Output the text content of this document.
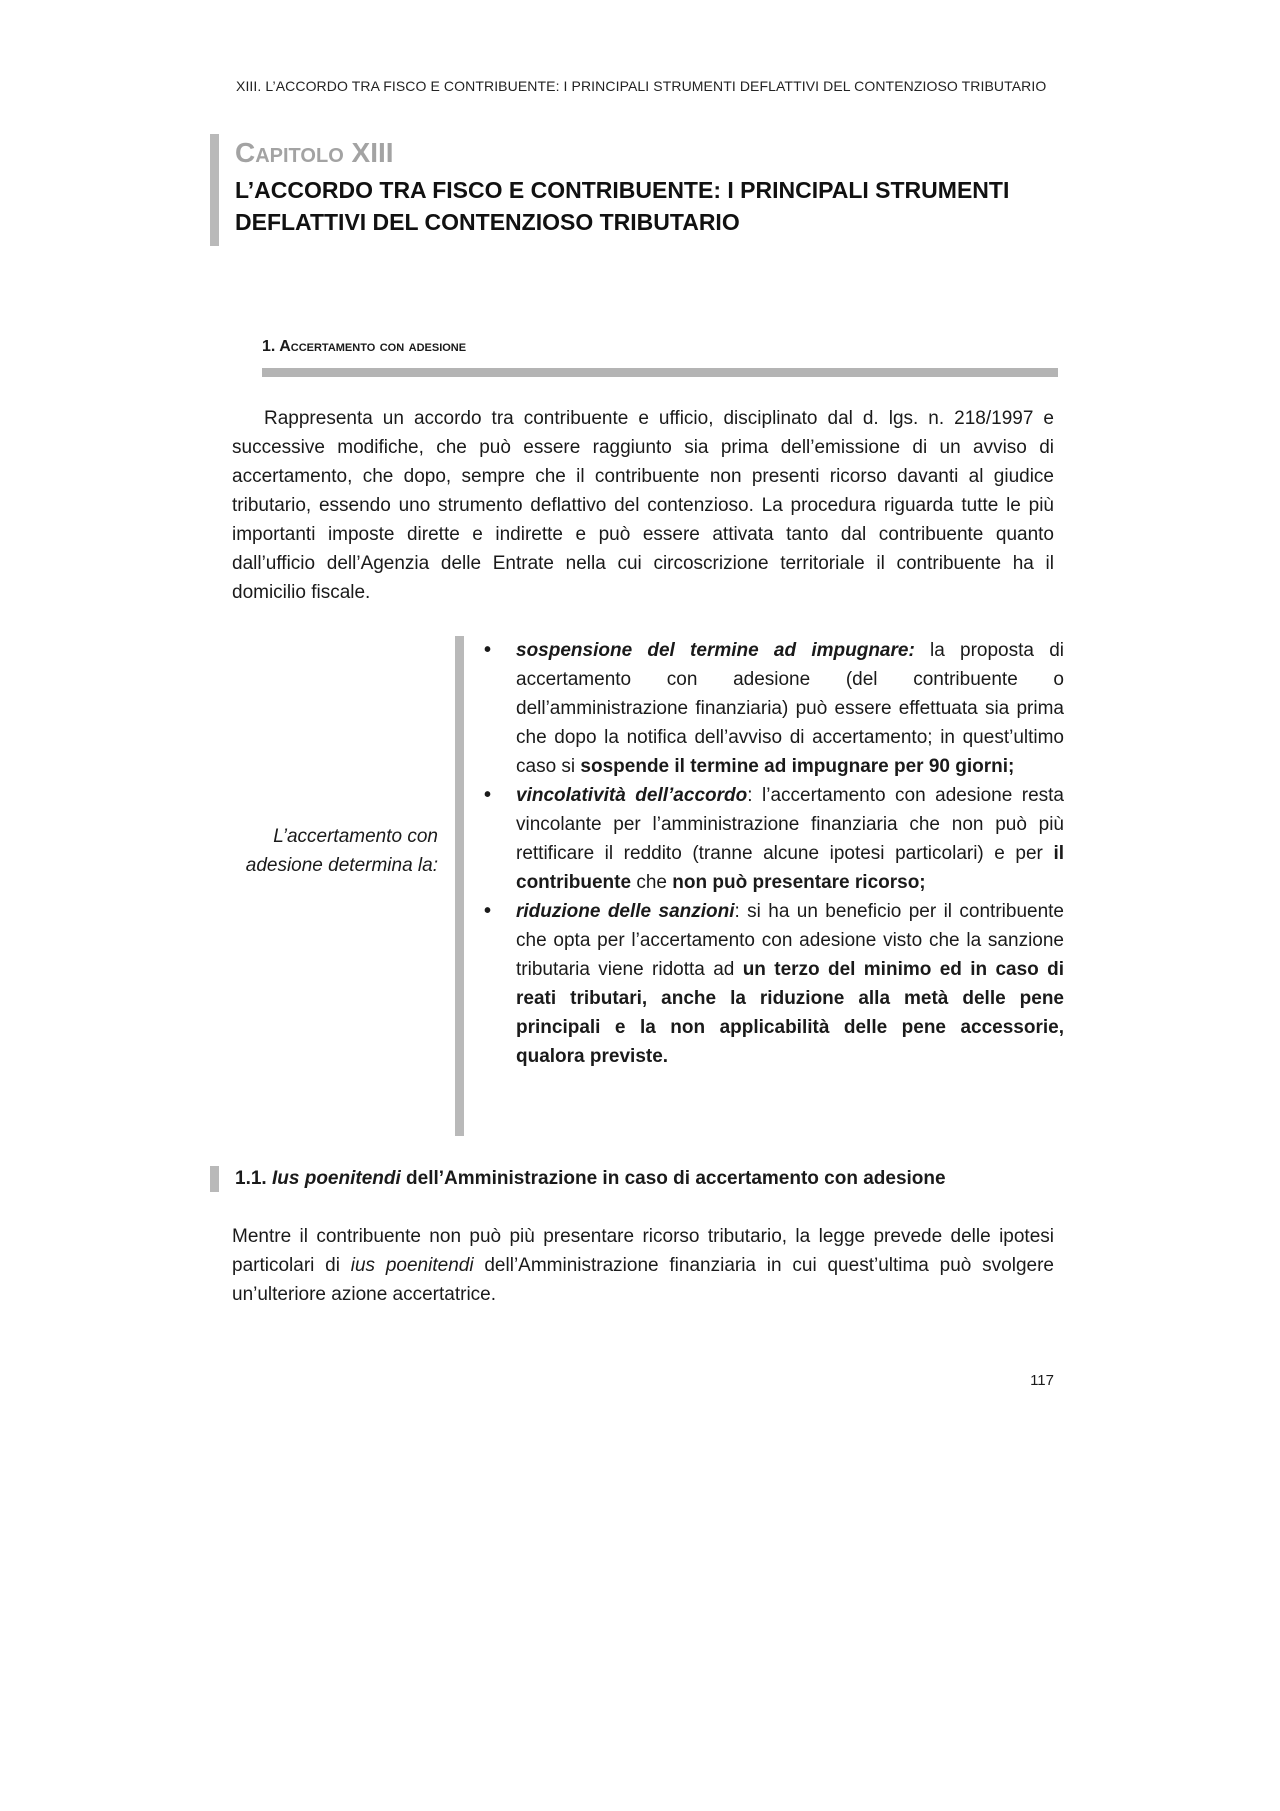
XIII. L’ACCORDO TRA FISCO E CONTRIBUENTE: I PRINCIPALI STRUMENTI DEFLATTIVI DEL CONTENZIOSO TRIBUTARIO
Capitolo XIII
L’ACCORDO TRA FISCO E CONTRIBUENTE: I PRINCIPALI STRUMENTI
DEFLATTIVI DEL CONTENZIOSO TRIBUTARIO
1. Accertamento con adesione
Rappresenta un accordo tra contribuente e ufficio, disciplinato dal d. lgs. n. 218/1997 e successive modifiche, che può essere raggiunto sia prima dell’emissione di un avviso di accertamento, che dopo, sempre che il contribuente non presenti ricorso davanti al giudice tributario, essendo uno strumento deflattivo del contenzioso. La procedura riguarda tutte le più importanti imposte dirette e indirette e può essere attivata tanto dal contribuente quanto dall’ufficio dell’Agenzia delle Entrate nella cui circoscrizione territoriale il contribuente ha il domicilio fiscale.
L’accertamento con adesione determina la:
• sospensione del termine ad impugnare: la proposta di accertamento con adesione (del contribuente o dell’amministrazione finanziaria) può essere effettuata sia prima che dopo la notifica dell’avviso di accertamento; in quest’ultimo caso si sospende il termine ad impugnare per 90 giorni;
• vincolatività dell’accordo: l’accertamento con adesione resta vincolante per l’amministrazione finanziaria che non può più rettificare il reddito (tranne alcune ipotesi particolari) e per il contribuente che non può presentare ricorso;
• riduzione delle sanzioni: si ha un beneficio per il contribuente che opta per l’accertamento con adesione visto che la sanzione tributaria viene ridotta ad un terzo del minimo ed in caso di reati tributari, anche la riduzione alla metà delle pene principali e la non applicabilità delle pene accessorie, qualora previste.
1.1. Ius poenitendi dell’Amministrazione in caso di accertamento con adesione
Mentre il contribuente non può più presentare ricorso tributario, la legge prevede delle ipotesi particolari di ius poenitendi dell’Amministrazione finanziaria in cui quest’ultima può svolgere un’ulteriore azione accertatrice.
117
